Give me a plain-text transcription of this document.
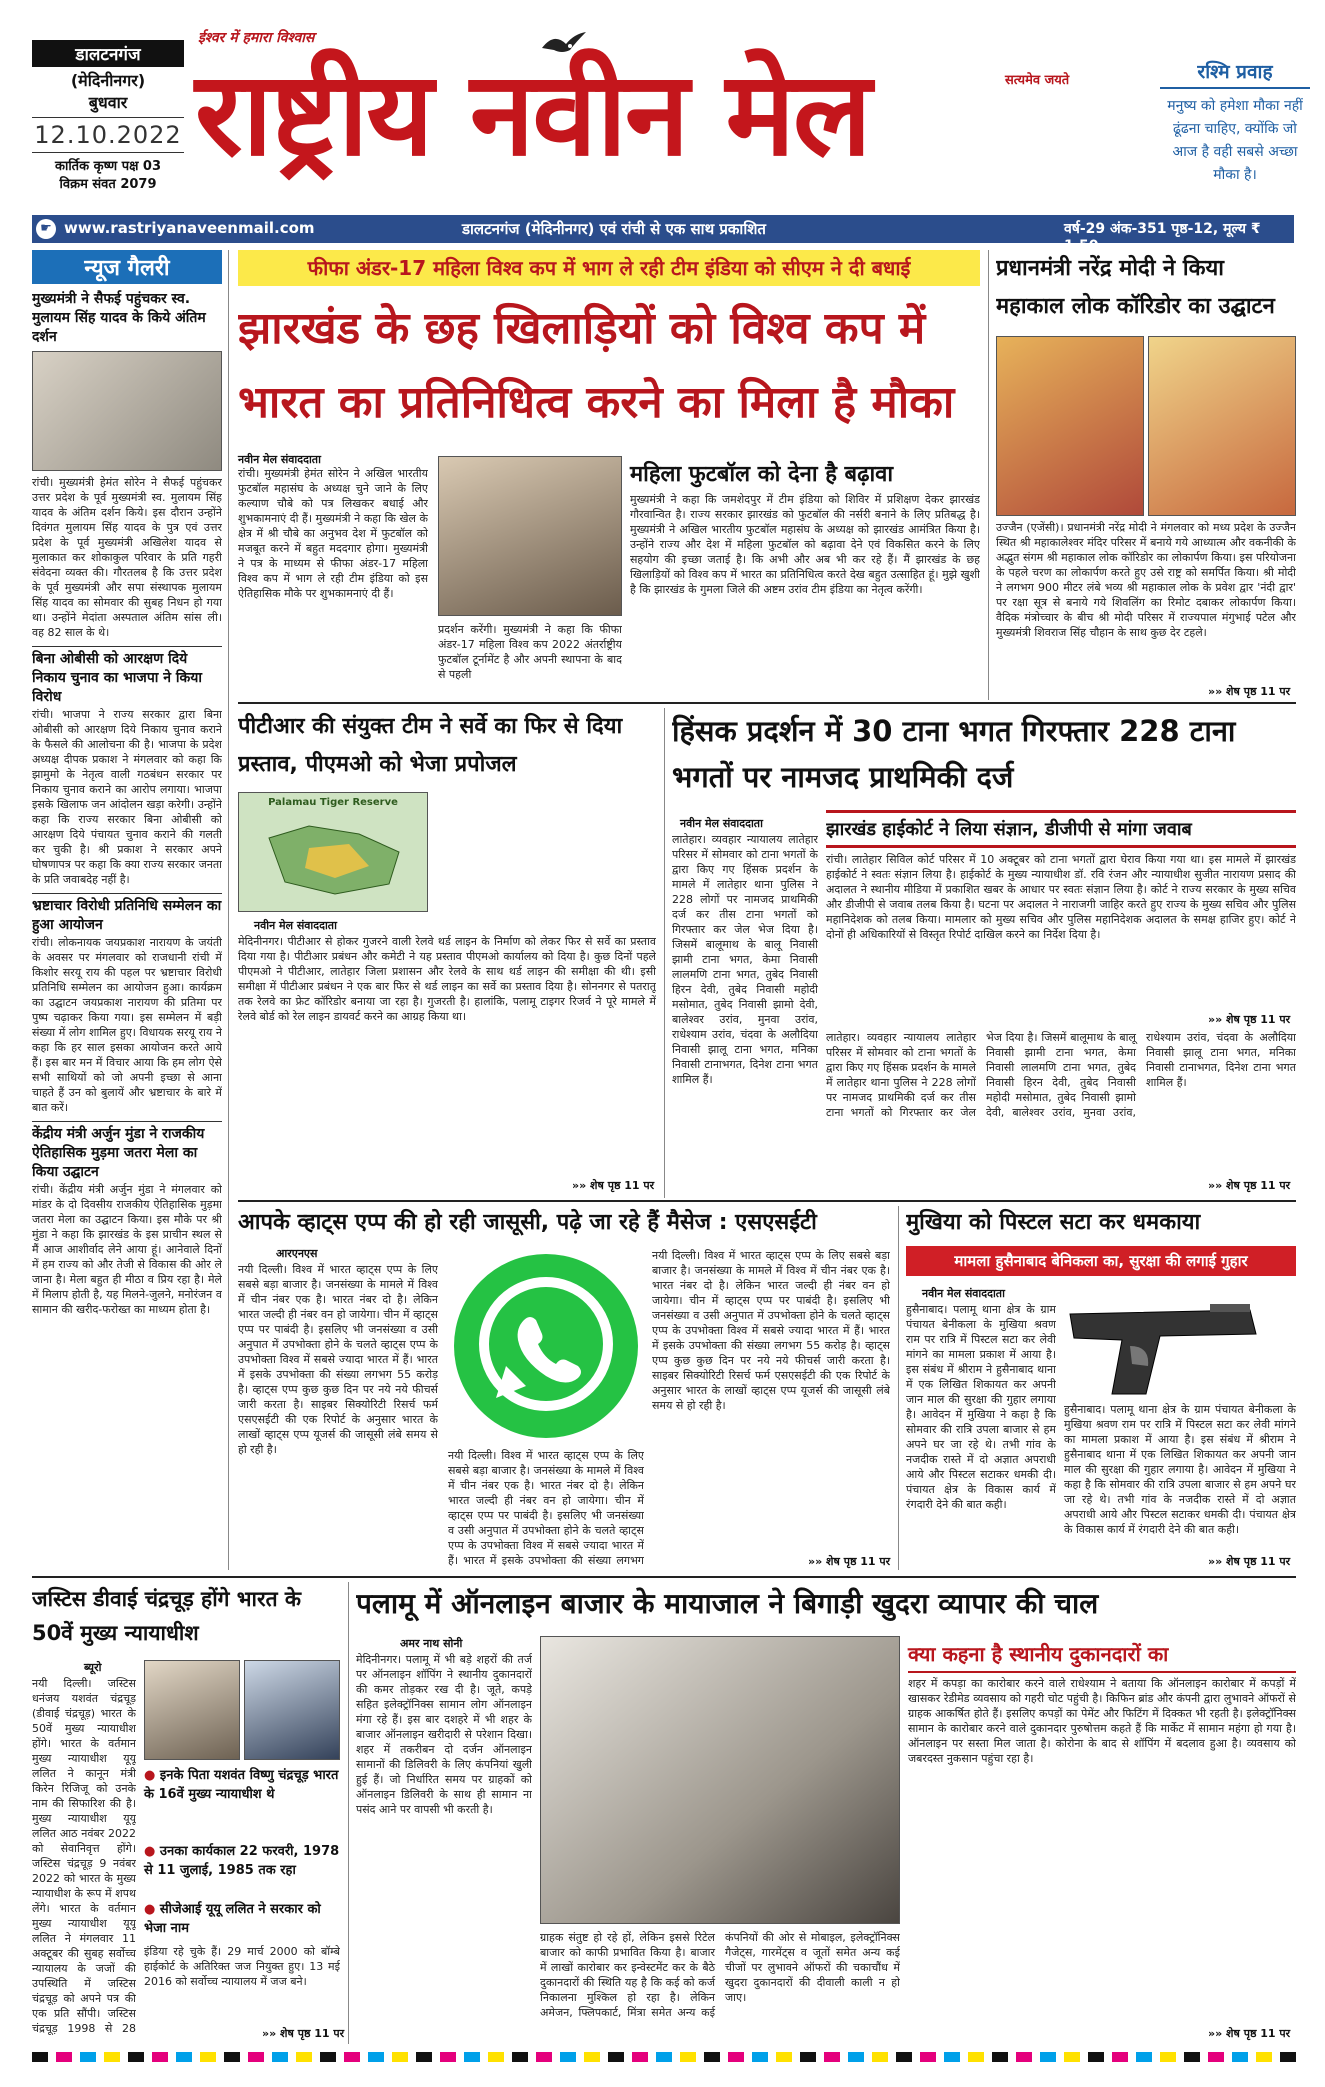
डालटनगंज
(मेदिनीनगर)
बुधवार
12.10.2022
कार्तिक कृष्ण पक्ष 03
विक्रम संवत 2079
ईश्वर में हमारा विश्वास
राष्ट्रीय नवीन मेल	सत्यमेव जयते	रश्मि प्रवाह
मनुष्य को हमेशा मौका नहीं ढूंढना चाहिए, क्योंकि जो आज है वही सबसे अच्छा मौका है।
☛ www.rastriyanaveenmail.com	डालटनगंज (मेदिनीनगर) एवं रांची से एक साथ प्रकाशित	वर्ष-29 अंक-351 पृष्ठ-12, मूल्य ₹ 1.50
न्यूज गैलरी
मुख्यमंत्री ने सैफई पहुंचकर स्व. मुलायम सिंह यादव के किये अंतिम दर्शन
रांची। मुख्यमंत्री हेमंत सोरेन ने सैफई पहुंचकर उत्तर प्रदेश के पूर्व मुख्यमंत्री स्व. मुलायम सिंह यादव के अंतिम दर्शन किये। इस दौरान उन्होंने दिवंगत मुलायम सिंह यादव के पुत्र एवं उत्तर प्रदेश के पूर्व मुख्यमंत्री अखिलेश यादव से मुलाकात कर शोकाकुल परिवार के प्रति गहरी संवेदना व्यक्त की। गौरतलब है कि उत्तर प्रदेश के पूर्व मुख्यमंत्री और सपा संस्थापक मुलायम सिंह यादव का सोमवार की सुबह निधन हो गया था। उन्होंने मेदांता अस्पताल अंतिम सांस ली। वह 82 साल के थे।
बिना ओबीसी को आरक्षण दिये निकाय चुनाव का भाजपा ने किया विरोध
रांची। भाजपा ने राज्य सरकार द्वारा बिना ओबीसी को आरक्षण दिये निकाय चुनाव कराने के फैसले की आलोचना की है। भाजपा के प्रदेश अध्यक्ष दीपक प्रकाश ने मंगलवार को कहा कि झामुमो के नेतृत्व वाली गठबंधन सरकार पर निकाय चुनाव कराने का आरोप लगाया। भाजपा इसके खिलाफ जन आंदोलन खड़ा करेगी। उन्होंने कहा कि राज्य सरकार बिना ओबीसी को आरक्षण दिये पंचायत चुनाव कराने की गलती कर चुकी है। श्री प्रकाश ने सरकार अपने घोषणापत्र पर कहा कि क्या राज्य सरकार जनता के प्रति जवाबदेह नहीं है।
भ्रष्टाचार विरोधी प्रतिनिधि सम्मेलन का हुआ आयोजन
रांची। लोकनायक जयप्रकाश नारायण के जयंती के अवसर पर मंगलवार को राजधानी रांची में किशोर सरयू राय की पहल पर भ्रष्टाचार विरोधी प्रतिनिधि सम्मेलन का आयोजन हुआ। कार्यक्रम का उद्घाटन जयप्रकाश नारायण की प्रतिमा पर पुष्प चढ़ाकर किया गया। इस सम्मेलन में बड़ी संख्या में लोग शामिल हुए। विधायक सरयू राय ने कहा कि हर साल इसका आयोजन करते आये हैं। इस बार मन में विचार आया कि हम लोग ऐसे सभी साथियों को जो अपनी इच्छा से आना चाहते हैं उन को बुलायें और भ्रष्टाचार के बारे में बात करें।
केंद्रीय मंत्री अर्जुन मुंडा ने राजकीय ऐतिहासिक मुड़मा जतरा मेला का किया उद्घाटन
रांची। केंद्रीय मंत्री अर्जुन मुंडा ने मंगलवार को मांडर के दो दिवसीय राजकीय ऐतिहासिक मुड़मा जतरा मेला का उद्घाटन किया। इस मौके पर श्री मुंडा ने कहा कि झारखंड के इस प्राचीन स्थल से मैं आज आशीर्वाद लेने आया हूं। आनेवाले दिनों में हम राज्य को और तेजी से विकास की ओर ले जाना है। मेला बहुत ही मीठा व प्रिय रहा है। मेले में मिलाप होती है, यह मिलने-जुलने, मनोरंजन व सामान की खरीद-फरोख्त का माध्यम होता है।
फीफा अंडर-17 महिला विश्व कप में भाग ले रही टीम इंडिया को सीएम ने दी बधाई
झारखंड के छह खिलाड़ियों को विश्व कप में भारत का प्रतिनिधित्व करने का मिला है मौका
नवीन मेल संवाददाता
रांची। मुख्यमंत्री हेमंत सोरेन ने अखिल भारतीय फुटबॉल महासंघ के अध्यक्ष चुने जाने के लिए कल्याण चौबे को पत्र लिखकर बधाई और शुभकामनाएं दी हैं। मुख्यमंत्री ने कहा कि खेल के क्षेत्र में श्री चौबे का अनुभव देश में फुटबॉल को मजबूत करने में बहुत मददगार होगा। मुख्यमंत्री ने पत्र के माध्यम से फीफा अंडर-17 महिला विश्व कप में भाग ले रही टीम इंडिया को इस ऐतिहासिक मौके पर शुभकामनाएं दी हैं।
प्रदर्शन करेंगी। मुख्यमंत्री ने कहा कि फीफा अंडर-17 महिला विश्व कप 2022 अंतर्राष्ट्रीय फुटबॉल टूर्नामेंट है और अपनी स्थापना के बाद से पहली
महिला फुटबॉल को देना है बढ़ावा
मुख्यमंत्री ने कहा कि जमशेदपुर में टीम इंडिया को शिविर में प्रशिक्षण देकर झारखंड गौरवान्वित है। राज्य सरकार झारखंड को फुटबॉल की नर्सरी बनाने के लिए प्रतिबद्ध है। मुख्यमंत्री ने अखिल भारतीय फुटबॉल महासंघ के अध्यक्ष को झारखंड आमंत्रित किया है। उन्होंने राज्य और देश में महिला फुटबॉल को बढ़ावा देने एवं विकसित करने के लिए सहयोग की इच्छा जताई है। कि अभी और अब भी कर रहे हैं। मैं झारखंड के छह खिलाड़ियों को विश्व कप में भारत का प्रतिनिधित्व करते देख बहुत उत्साहित हूं। मुझे खुशी है कि झारखंड के गुमला जिले की अष्टम उरांव टीम इंडिया का नेतृत्व करेंगी।
प्रधानमंत्री नरेंद्र मोदी ने किया महाकाल लोक कॉरिडोर का उद्घाटन
उज्जैन (एजेंसी)। प्रधानमंत्री नरेंद्र मोदी ने मंगलवार को मध्य प्रदेश के उज्जैन स्थित श्री महाकालेश्वर मंदिर परिसर में बनाये गये आध्यात्म और वकनीकी के अद्भुत संगम श्री महाकाल लोक कॉरिडोर का लोकार्पण किया। इस परियोजना के पहले चरण का लोकार्पण करते हुए उसे राष्ट्र को समर्पित किया। श्री मोदी ने लगभग 900 मीटर लंबे भव्य श्री महाकाल लोक के प्रवेश द्वार 'नंदी द्वार' पर रक्षा सूत्र से बनाये गये शिवलिंग का रिमोट दबाकर लोकार्पण किया। वैदिक मंत्रोच्चार के बीच श्री मोदी परिसर में राज्यपाल मंगुभाई पटेल और मुख्यमंत्री शिवराज सिंह चौहान के साथ कुछ देर टहले।
»» शेष पृष्ठ 11 पर
पीटीआर की संयुक्त टीम ने सर्वे का फिर से दिया प्रस्ताव, पीएमओ को भेजा प्रपोजल
Palamau Tiger Reserve
नवीन मेल संवाददाता
मेदिनीनगर। पीटीआर से होकर गुजरने वाली रेलवे थर्ड लाइन के निर्माण को लेकर फिर से सर्वे का प्रस्ताव दिया गया है। पीटीआर प्रबंधन और कमेटी ने यह प्रस्ताव पीएमओ कार्यालय को दिया है। कुछ दिनों पहले पीएमओ ने पीटीआर, लातेहार जिला प्रशासन और रेलवे के साथ थर्ड लाइन की समीक्षा की थी। इसी समीक्षा में पीटीआर प्रबंधन ने एक बार फिर से थर्ड लाइन का सर्वे का प्रस्ताव दिया है। सोननगर से पतरातू तक रेलवे का फ्रेट कॉरिडोर बनाया जा रहा है। गुजरती है। हालांकि, पलामू टाइगर रिजर्व ने पूरे मामले में रेलवे बोर्ड को रेल लाइन डायवर्ट करने का आग्रह किया था।
»» शेष पृष्ठ 11 पर
हिंसक प्रदर्शन में 30 टाना भगत गिरफ्तार 228 टाना भगतों पर नामजद प्राथमिकी दर्ज
नवीन मेल संवाददाता
लातेहार। व्यवहार न्यायालय लातेहार परिसर में सोमवार को टाना भगतों के द्वारा किए गए हिंसक प्रदर्शन के मामले में लातेहार थाना पुलिस ने 228 लोगों पर नामजद प्राथमिकी दर्ज कर तीस टाना भगतों को गिरफ्तार कर जेल भेज दिया है। जिसमें बालूमाथ के बालू निवासी झामी टाना भगत, केमा निवासी लालमणि टाना भगत, तुबेद निवासी हिरन देवी, तुबेद निवासी महोदी मसोमात, तुबेद निवासी झामो देवी, बालेश्वर उरांव, मुनवा उरांव, राधेश्याम उरांव, चंदवा के अलौदिया निवासी झालू टाना भगत, मनिका निवासी टानाभगत, दिनेश टाना भगत शामिल हैं।
झारखंड हाईकोर्ट ने लिया संज्ञान, डीजीपी से मांगा जवाब
रांची। लातेहार सिविल कोर्ट परिसर में 10 अक्टूबर को टाना भगतों द्वारा घेराव किया गया था। इस मामले में झारखंड हाईकोर्ट ने स्वतः संज्ञान लिया है। हाईकोर्ट के मुख्य न्यायाधीश डॉ. रवि रंजन और न्यायाधीश सुजीत नारायण प्रसाद की अदालत ने स्थानीय मीडिया में प्रकाशित खबर के आधार पर स्वतः संज्ञान लिया है। कोर्ट ने राज्य सरकार के मुख्य सचिव और डीजीपी से जवाब तलब किया है। घटना पर अदालत ने नाराजगी जाहिर करते हुए राज्य के मुख्य सचिव और पुलिस महानिदेशक को तलब किया। मामलार को मुख्य सचिव और पुलिस महानिदेशक अदालत के समक्ष हाजिर हुए। कोर्ट ने दोनों ही अधिकारियों से विस्तृत रिपोर्ट दाखिल करने का निर्देश दिया है।
»» शेष पृष्ठ 11 पर
लातेहार। व्यवहार न्यायालय लातेहार परिसर में सोमवार को टाना भगतों के द्वारा किए गए हिंसक प्रदर्शन के मामले में लातेहार थाना पुलिस ने 228 लोगों पर नामजद प्राथमिकी दर्ज कर तीस टाना भगतों को गिरफ्तार कर जेल भेज दिया है। जिसमें बालूमाथ के बालू निवासी झामी टाना भगत, केमा निवासी लालमणि टाना भगत, तुबेद निवासी हिरन देवी, तुबेद निवासी महोदी मसोमात, तुबेद निवासी झामो देवी, बालेश्वर उरांव, मुनवा उरांव, राधेश्याम उरांव, चंदवा के अलौदिया निवासी झालू टाना भगत, मनिका निवासी टानाभगत, दिनेश टाना भगत शामिल हैं।
»» शेष पृष्ठ 11 पर
आपके व्हाट्स एप्प की हो रही जासूसी, पढ़े जा रहे हैं मैसेज : एसएसईटी
आरएनएस
नयी दिल्ली। विश्व में भारत व्हाट्स एप्प के लिए सबसे बड़ा बाजार है। जनसंख्या के मामले में विश्व में चीन नंबर एक है। भारत नंबर दो है। लेकिन भारत जल्दी ही नंबर वन हो जायेगा। चीन में व्हाट्स एप्प पर पाबंदी है। इसलिए भी जनसंख्या व उसी अनुपात में उपभोक्ता होने के चलते व्हाट्स एप्प के उपभोक्ता विश्व में सबसे ज्यादा भारत में हैं। भारत में इसके उपभोक्ता की संख्या लगभग 55 करोड़ है। व्हाट्स एप्प कुछ कुछ दिन पर नये नये फीचर्स जारी करता है। साइबर सिक्योरिटी रिसर्च फर्म एसएसईटी की एक रिपोर्ट के अनुसार भारत के लाखों व्हाट्स एप्प यूजर्स की जासूसी लंबे समय से हो रही है।	नयी दिल्ली। विश्व में भारत व्हाट्स एप्प के लिए सबसे बड़ा बाजार है। जनसंख्या के मामले में विश्व में चीन नंबर एक है। भारत नंबर दो है। लेकिन भारत जल्दी ही नंबर वन हो जायेगा। चीन में व्हाट्स एप्प पर पाबंदी है। इसलिए भी जनसंख्या व उसी अनुपात में उपभोक्ता होने के चलते व्हाट्स एप्प के उपभोक्ता विश्व में सबसे ज्यादा भारत में हैं। भारत में इसके उपभोक्ता की संख्या लगभग
नयी दिल्ली। विश्व में भारत व्हाट्स एप्प के लिए सबसे बड़ा बाजार है। जनसंख्या के मामले में विश्व में चीन नंबर एक है। भारत नंबर दो है। लेकिन भारत जल्दी ही नंबर वन हो जायेगा। चीन में व्हाट्स एप्प पर पाबंदी है। इसलिए भी जनसंख्या व उसी अनुपात में उपभोक्ता होने के चलते व्हाट्स एप्प के उपभोक्ता विश्व में सबसे ज्यादा भारत में हैं। भारत में इसके उपभोक्ता की संख्या लगभग 55 करोड़ है। व्हाट्स एप्प कुछ कुछ दिन पर नये नये फीचर्स जारी करता है। साइबर सिक्योरिटी रिसर्च फर्म एसएसईटी की एक रिपोर्ट के अनुसार भारत के लाखों व्हाट्स एप्प यूजर्स की जासूसी लंबे समय से हो रही है।
»» शेष पृष्ठ 11 पर
मुखिया को पिस्टल सटा कर धमकाया
मामला हुसैनाबाद बेनिकला का, सुरक्षा की लगाई गुहार
नवीन मेल संवाददाता
हुसैनाबाद। पलामू थाना क्षेत्र के ग्राम पंचायत बेनीकला के मुखिया श्रवण राम पर रात्रि में पिस्टल सटा कर लेवी मांगने का मामला प्रकाश में आया है। इस संबंध में श्रीराम ने हुसैनाबाद थाना में एक लिखित शिकायत कर अपनी जान माल की सुरक्षा की गुहार लगाया है। आवेदन में मुखिया ने कहा है कि सोमवार की रात्रि उपला बाजार से हम अपने घर जा रहे थे। तभी गांव के नजदीक रास्ते में दो अज्ञात अपराधी आये और पिस्टल सटाकर धमकी दी। पंचायत क्षेत्र के विकास कार्य में रंगदारी देने की बात कही।
हुसैनाबाद। पलामू थाना क्षेत्र के ग्राम पंचायत बेनीकला के मुखिया श्रवण राम पर रात्रि में पिस्टल सटा कर लेवी मांगने का मामला प्रकाश में आया है। इस संबंध में श्रीराम ने हुसैनाबाद थाना में एक लिखित शिकायत कर अपनी जान माल की सुरक्षा की गुहार लगाया है। आवेदन में मुखिया ने कहा है कि सोमवार की रात्रि उपला बाजार से हम अपने घर जा रहे थे। तभी गांव के नजदीक रास्ते में दो अज्ञात अपराधी आये और पिस्टल सटाकर धमकी दी। पंचायत क्षेत्र के विकास कार्य में रंगदारी देने की बात कही।
»» शेष पृष्ठ 11 पर
जस्टिस डीवाई चंद्रचूड़ होंगे भारत के 50वें मुख्य न्यायाधीश
ब्यूरो
नयी दिल्ली। जस्टिस धनंजय यशवंत चंद्रचूड़ (डीवाई चंद्रचूड़) भारत के 50वें मुख्य न्यायाधीश होंगे। भारत के वर्तमान मुख्य न्यायाधीश यूयू ललित ने कानून मंत्री किरेन रिजिजू को उनके नाम की सिफारिश की है। मुख्य न्यायाधीश यूयू ललित आठ नवंबर 2022 को सेवानिवृत्त होंगे। जस्टिस चंद्रचूड़ 9 नवंबर 2022 को भारत के मुख्य न्यायाधीश के रूप में शपथ लेंगे। भारत के वर्तमान मुख्य न्यायाधीश यूयू ललित ने मंगलवार 11 अक्टूबर की सुबह सर्वोच्च न्यायालय के जजों की उपस्थिति में जस्टिस चंद्रचूड़ को अपने पत्र की एक प्रति सौंपी। जस्टिस चंद्रचूड़ 1998 से 28
● इनके पिता यशवंत विष्णु चंद्रचूड़ भारत के 16वें मुख्य न्यायाधीश थे
● उनका कार्यकाल 22 फरवरी, 1978 से 11 जुलाई, 1985 तक रहा
● सीजेआई यूयू ललित ने सरकार को भेजा नाम
इंडिया रहे चुके हैं। 29 मार्च 2000 को बॉम्बे हाईकोर्ट के अतिरिक्त जज नियुक्त हुए। 13 मई 2016 को सर्वोच्च न्यायालय में जज बने।
»» शेष पृष्ठ 11 पर
पलामू में ऑनलाइन बाजार के मायाजाल ने बिगाड़ी खुदरा व्यापार की चाल
अमर नाथ सोनी
मेदिनीनगर। पलामू में भी बड़े शहरों की तर्ज पर ऑनलाइन शॉपिंग ने स्थानीय दुकानदारों की कमर तोड़कर रख दी है। जूते, कपड़े सहित इलेक्ट्रॉनिक्स सामान लोग ऑनलाइन मंगा रहे हैं। इस बार दशहरे में भी शहर के बाजार ऑनलाइन खरीदारी से परेशान दिखा। शहर में तकरीबन दो दर्जन ऑनलाइन सामानों की डिलिवरी के लिए कंपनियां खुली हुई हैं। जो निर्धारित समय पर ग्राहकों को ऑनलाइन डिलिवरी के साथ ही सामान ना पसंद आने पर वापसी भी करती है।
ग्राहक संतुष्ट हो रहे हों, लेकिन इससे रिटेल बाजार को काफी प्रभावित किया है। बाजार में लाखों कारोबार कर इन्वेस्टमेंट कर के बैठे दुकानदारों की स्थिति यह है कि कई को कर्ज निकालना मुश्किल हो रहा है। लेकिन अमेजन, फ्लिपकार्ट, मिंत्रा समेत अन्य कई कंपनियों की ओर से मोबाइल, इलेक्ट्रॉनिक्स गैजेट्स, गारमेंट्स व जूतों समेत अन्य कई चीजों पर लुभावने ऑफरों की चकाचौंध में खुदरा दुकानदारों की दीवाली काली न हो जाए।
क्या कहना है स्थानीय दुकानदारों का
शहर में कपड़ा का कारोबार करने वाले राधेश्याम ने बताया कि ऑनलाइन कारोबार में कपड़ों में खासकर रेडीमेड व्यवसाय को गहरी चोट पहुंची है। किफिन ब्रांड और कंपनी द्वारा लुभावने ऑफरों से ग्राहक आकर्षित होते हैं। इसलिए कपड़ों का पेमेंट और फिटिंग में दिक्कत भी रहती है। इलेक्ट्रॉनिक्स सामान के कारोबार करने वाले दुकानदार पुरुषोत्तम कहते हैं कि मार्केट में सामान महंगा हो गया है। ऑनलाइन पर सस्ता मिल जाता है। कोरोना के बाद से शॉपिंग में बदलाव हुआ है। व्यवसाय को जबरदस्त नुकसान पहुंचा रहा है।
»» शेष पृष्ठ 11 पर
